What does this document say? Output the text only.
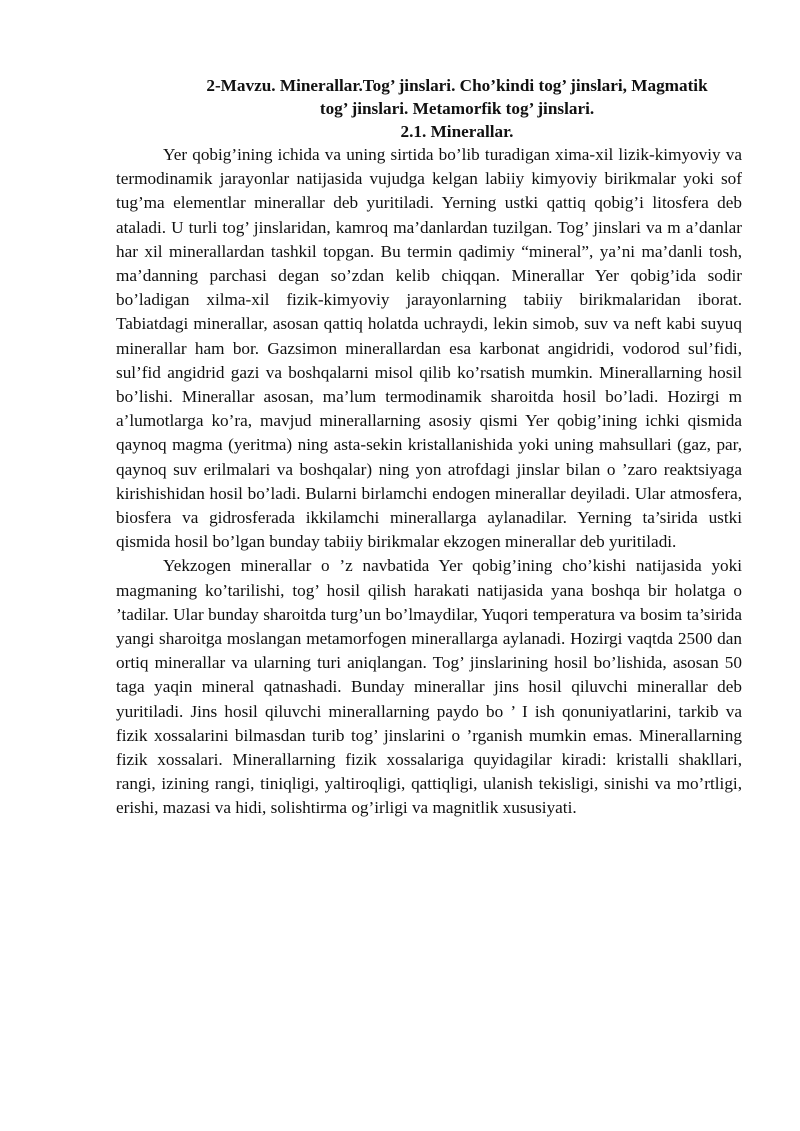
2-Mavzu. Minerallar.Tog’ jinslari. Cho’kindi tog’ jinslari, Magmatik
tog’ jinslari. Metamorfik tog’ jinslari.

2.1. Minerallar.

Yer qobig’ining ichida va uning sirtida bo’lib turadigan xima-xil lizik-kimyoviy va termodinamik jarayonlar natijasida vujudga kelgan labiiy kimyoviy birikmalar yoki sof tug’ma elementlar minerallar deb yuritiladi. Yerning ustki qattiq qobig’i litosfera deb ataladi. U turli tog’ jinslaridan, kamroq ma’danlardan tuzilgan. Tog’ jinslari va m a’danlar har xil minerallardan tashkil topgan. Bu termin qadimiy “mineral”, ya’ni ma’danli tosh, ma’danning parchasi degan so’zdan kelib chiqqan. Minerallar Yer qobig’ida sodir bo’ladigan xilma-xil fizik-kimyoviy jarayonlarning tabiiy birikmalaridan iborat. Tabiatdagi minerallar, asosan qattiq holatda uchraydi, lekin simob, suv va neft kabi suyuq minerallar ham bor. Gazsimon minerallardan esa karbonat angidridi, vodorod sul’fidi, sul’fid angidrid gazi va boshqalarni misol qilib ko’rsatish mumkin. Minerallarning hosil bo’lishi. Minerallar asosan, ma’lum termodinamik sharoitda hosil bo’ladi. Hozirgi m a’lumotlarga ko’ra, mavjud minerallarning asosiy qismi Yer qobig’ining ichki qismida qaynoq magma (yeritma) ning asta-sekin kristallanishida yoki uning mahsullari (gaz, par, qaynoq suv erilmalari va boshqalar) ning yon atrofdagi jinslar bilan o ’zaro reaktsiyaga kirishishidan hosil bo’ladi. Bularni birlamchi endogen minerallar deyiladi. Ular atmosfera, biosfera va gidrosferada ikkilamchi minerallarga aylanadilar. Yerning ta’sirida ustki qismida hosil bo’lgan bunday tabiiy birikmalar ekzogen minerallar deb yuritiladi.

Yekzogen minerallar o ’z navbatida Yer qobig’ining cho’kishi natijasida yoki magmaning ko’tarilishi, tog’ hosil qilish harakati natijasida yana boshqa bir holatga o ’tadilar. Ular bunday sharoitda turg’un bo’lmaydilar, Yuqori temperatura va bosim ta’sirida yangi sharoitga moslangan metamorfogen minerallarga aylanadi. Hozirgi vaqtda 2500 dan ortiq minerallar va ularning turi aniqlangan. Tog’ jinslarining hosil bo’lishida, asosan 50 taga yaqin mineral qatnashadi. Bunday minerallar jins hosil qiluvchi minerallar deb yuritiladi. Jins hosil qiluvchi minerallarning paydo bo ’ I ish qonuniyatlarini, tarkib va fizik xossalarini bilmasdan turib tog’ jinslarini o ’rganish mumkin emas. Minerallarning fizik xossalari. Minerallarning fizik xossalariga quyidagilar kiradi: kristalli shakllari, rangi, izining rangi, tiniqligi, yaltiroqligi, qattiqligi, ulanish tekisligi, sinishi va mo’rtligi, erishi, mazasi va hidi, solishtirma og’irligi va magnitlik xususiyati.
